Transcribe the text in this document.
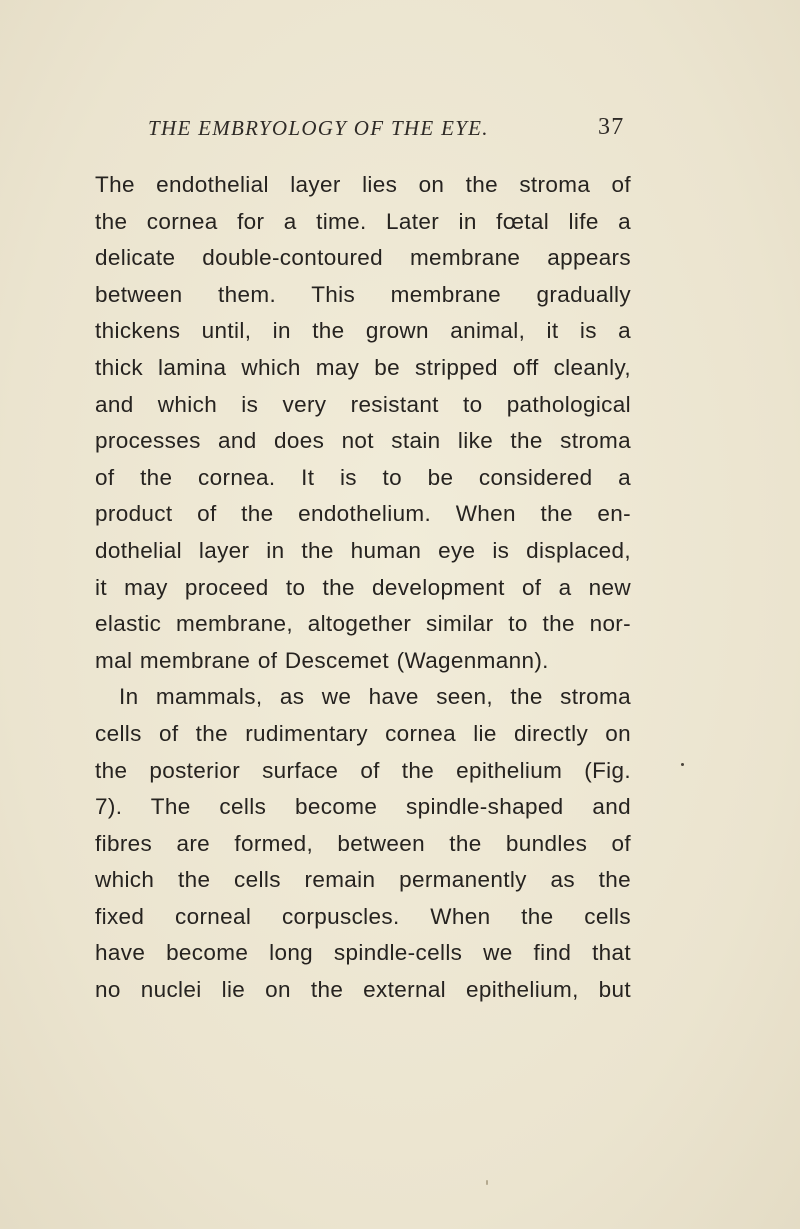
THE EMBRYOLOGY OF THE EYE.	37
The endothelial layer lies on the stroma of
the cornea for a time. Later in fœtal life a
delicate double-contoured membrane appears
between them. This membrane gradually
thickens until, in the grown animal, it is a
thick lamina which may be stripped off cleanly,
and which is very resistant to pathological
processes and does not stain like the stroma
of the cornea. It is to be considered a
product of the endothelium. When the en-
dothelial layer in the human eye is displaced,
it may proceed to the development of a new
elastic membrane, altogether similar to the nor-
mal membrane of Descemet (Wagenmann).
In mammals, as we have seen, the stroma
cells of the rudimentary cornea lie directly on
the posterior surface of the epithelium (Fig.
7). The cells become spindle-shaped and
fibres are formed, between the bundles of
which the cells remain permanently as the
fixed corneal corpuscles. When the cells
have become long spindle-cells we find that
no nuclei lie on the external epithelium, but
